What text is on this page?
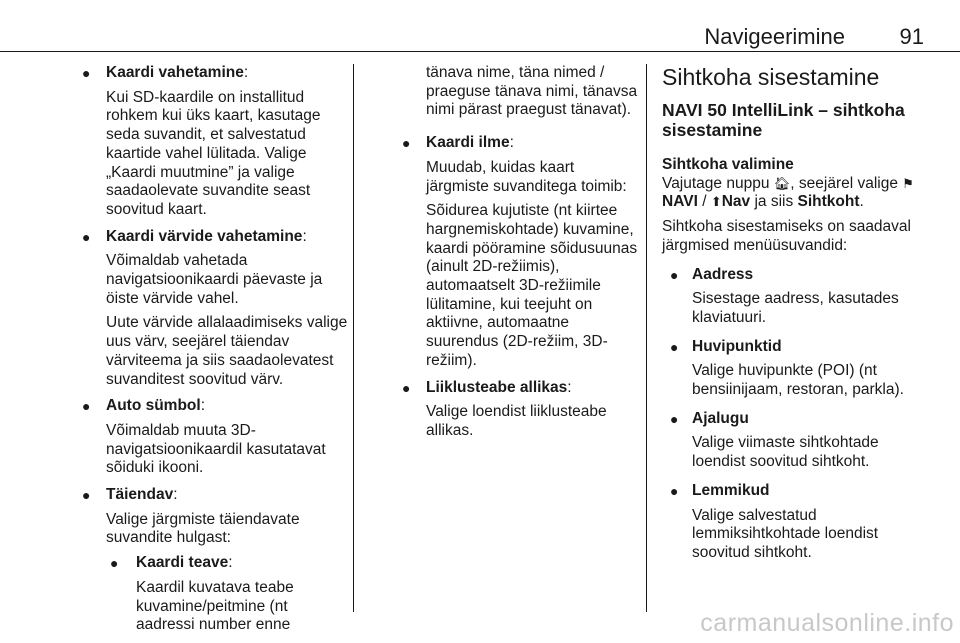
Navigeerimine 91
● Kaardi vahetamine:
Kui SD-kaardile on installitud rohkem kui üks kaart, kasutage seda suvandit, et salvestatud kaartide vahel lülitada. Valige „Kaardi muutmine” ja valige saadaolevate suvandite seast soovitud kaart.
● Kaardi värvide vahetamine:
Võimaldab vahetada navigatsioonikaardi päevaste ja öiste värvide vahel.
Uute värvide allalaadimiseks valige uus värv, seejärel täiendav värviteema ja siis saadaolevatest suvanditest soovitud värv.
● Auto sümbol:
Võimaldab muuta 3D-navigatsioonikaardil kasutatavat sõiduki ikooni.
● Täiendav:
Valige järgmiste täiendavate suvandite hulgast:
● Kaardi teave:
Kaardil kuvatava teabe kuvamine/peitmine (nt aadressi number enne
tänava nime, täna nimed / praeguse tänava nimi, tänavsa nimi pärast praegust tänavat).
● Kaardi ilme:
Muudab, kuidas kaart järgmiste suvanditega toimib:
Sõidurea kujutiste (nt kiirtee hargnemiskohtade) kuvamine, kaardi pööramine sõidusuunas (ainult 2D-režiimis), automaatselt 3D-režiimile lülitamine, kui teejuht on aktiivne, automaatne suurendus (2D-režiim, 3D-režiim).
● Liiklusteabe allikas:
Valige loendist liiklusteabe allikas.
Sihtkoha sisestamine
NAVI 50 IntelliLink – sihtkoha sisestamine
Sihtkoha valimine
Vajutage nuppu 🏠︎, seejärel valige ⚑NAVI / ⬆Nav ja siis Sihtkoht.
Sihtkoha sisestamiseks on saadaval järgmised menüüsuvandid:
● Aadress
Sisestage aadress, kasutades klaviatuuri.
● Huvipunktid
Valige huvipunkte (POI) (nt bensiinijaam, restoran, parkla).
● Ajalugu
Valige viimaste sihtkohtade loendist soovitud sihtkoht.
● Lemmikud
Valige salvestatud lemmiksihtkohtade loendist soovitud sihtkoht.
carmanualsonline.info
